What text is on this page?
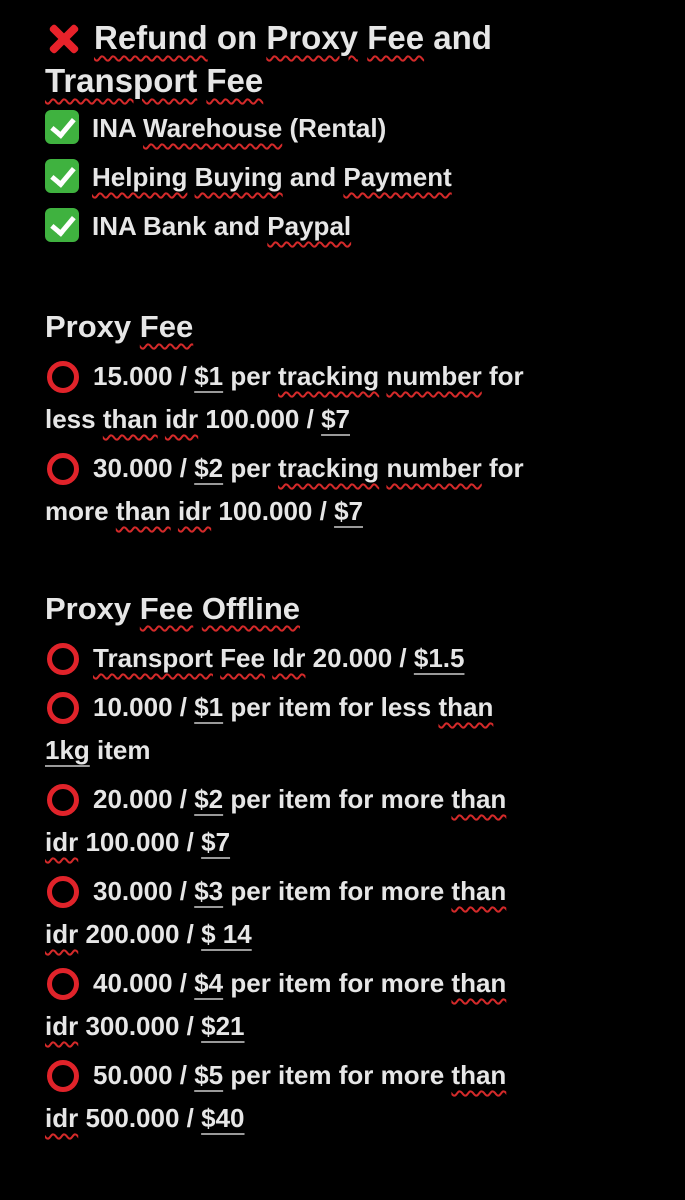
Refund on Proxy Fee and
Transport Fee
INA Warehouse (Rental)
Helping Buying and Payment
INA Bank and Paypal
Proxy Fee
15.000 / $1 per tracking number for
less than idr 100.000 / $7
30.000 / $2 per tracking number for
more than idr 100.000 / $7
Proxy Fee Offline
Transport Fee Idr 20.000 / $1.5
10.000 / $1 per item for less than
1kg item
20.000 / $2 per item for more than
idr 100.000 / $7
30.000 / $3 per item for more than
idr 200.000 / $ 14
40.000 / $4 per item for more than
idr 300.000 / $21
50.000 / $5 per item for more than
idr 500.000 / $40
